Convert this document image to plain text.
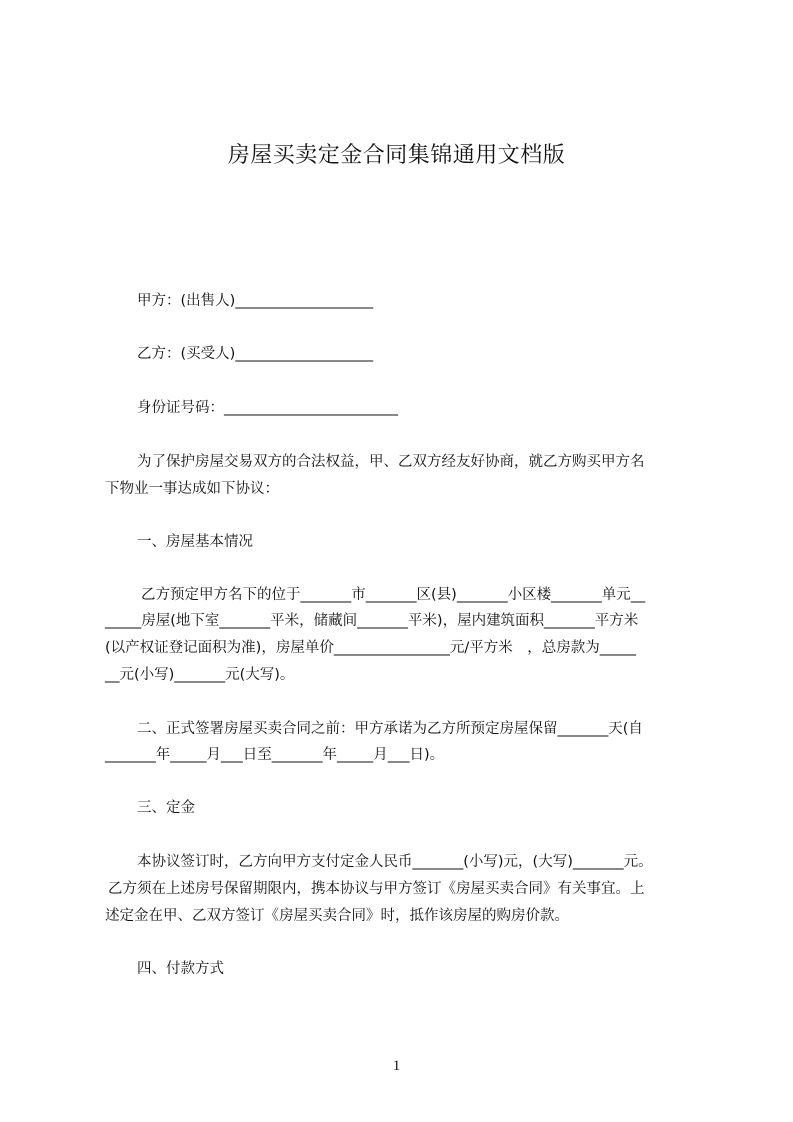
房屋买卖定金合同集锦通用文档版
甲方：(出售人)___________________
乙方：(买受人)___________________
身份证号码：________________________
为了保护房屋交易双方的合法权益，甲、乙双方经友好协商，就乙方购买甲方名
下物业一事达成如下协议：
一、房屋基本情况
乙方预定甲方名下的位于_______市_______区(县)_______小区楼_______单元__
_____房屋(地下室_______平米，储藏间_______平米)，屋内建筑面积_______平方米
(以产权证登记面积为准)，房屋单价________________元/平方米　，总房款为_____
__元(小写)_______元(大写)。
二、正式签署房屋买卖合同之前：甲方承诺为乙方所预定房屋保留_______天(自
_______年_____月___日至_______年_____月___日)。
三、定金
本协议签订时，乙方向甲方支付定金人民币_______(小写)元，(大写)_______元。
乙方须在上述房号保留期限内，携本协议与甲方签订《房屋买卖合同》有关事宜。上
述定金在甲、乙双方签订《房屋买卖合同》时，抵作该房屋的购房价款。
四、付款方式
1
